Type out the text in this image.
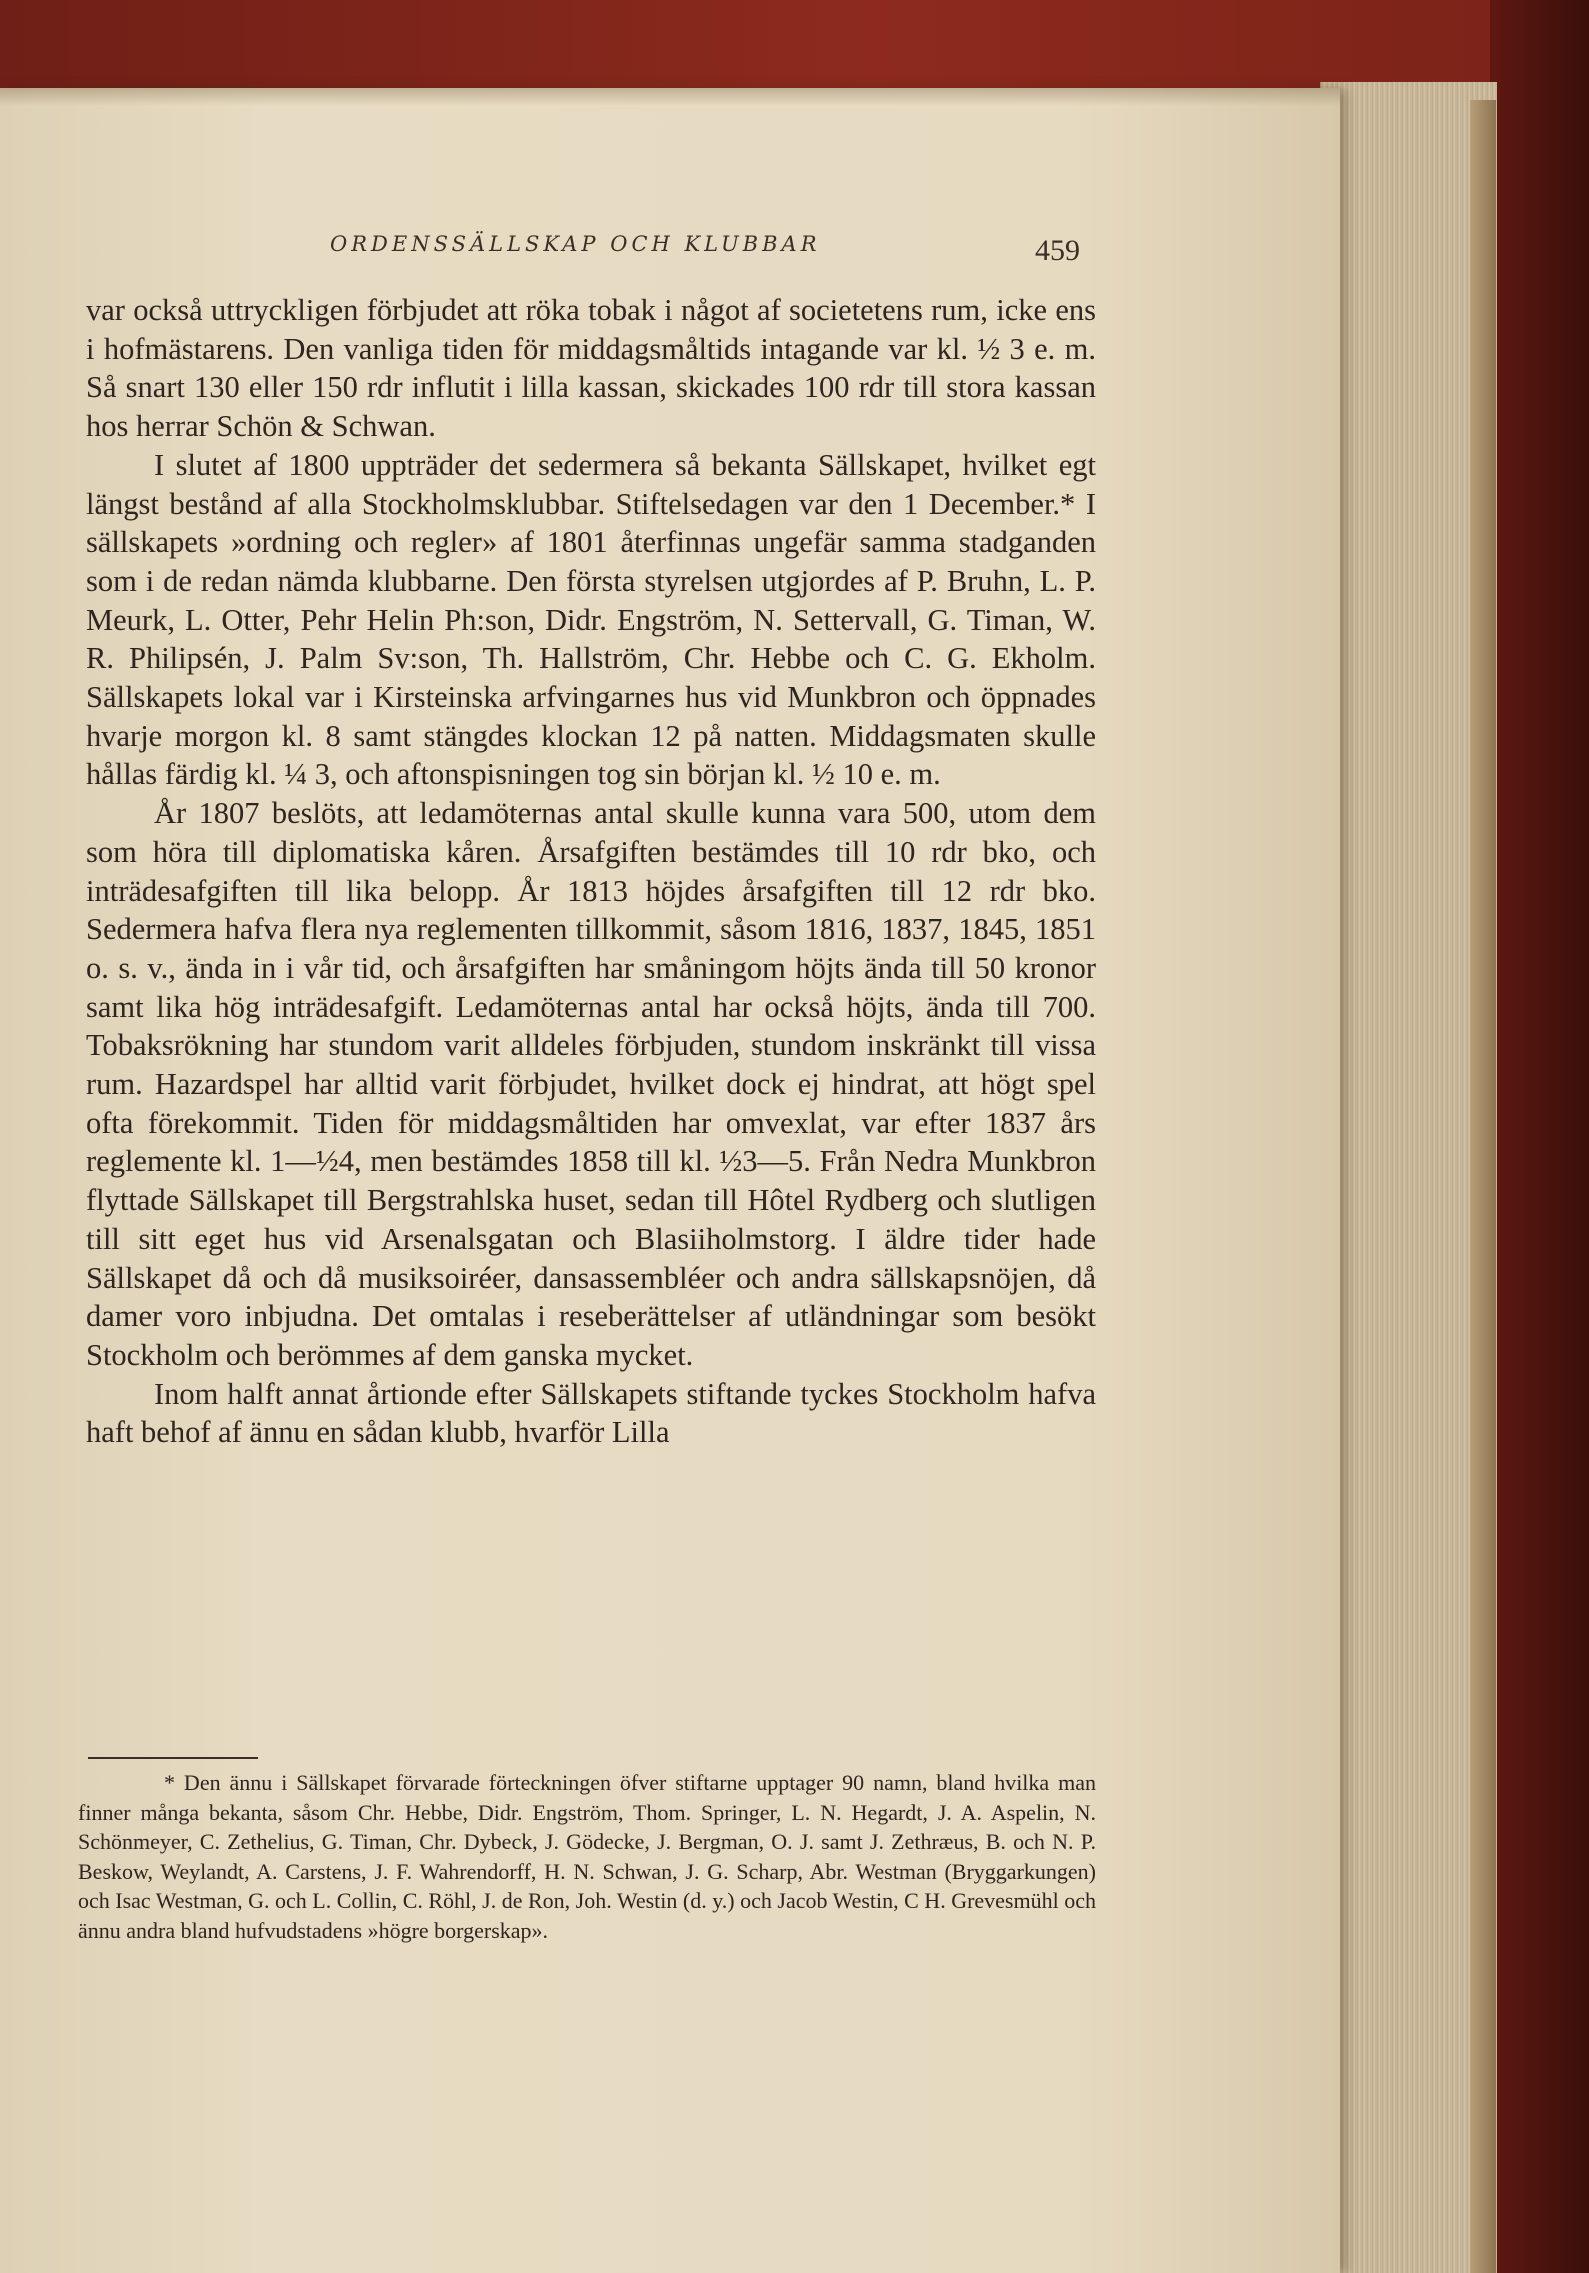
ORDENSSÄLLSKAP OCH KLUBBAR	459

var också uttryckligen förbjudet att röka tobak i något af societetens rum, icke ens i hofmästarens. Den vanliga tiden för middagsmåltids intagande var kl. ½ 3 e. m. Så snart 130 eller 150 rdr influtit i lilla kassan, skickades 100 rdr till stora kassan hos herrar Schön & Schwan.

I slutet af 1800 uppträder det sedermera så bekanta Sällskapet, hvilket egt längst bestånd af alla Stockholmsklubbar. Stiftelsedagen var den 1 December.* I sällskapets »ordning och regler» af 1801 återfinnas ungefär samma stadganden som i de redan nämda klubbarne. Den första styrelsen utgjordes af P. Bruhn, L. P. Meurk, L. Otter, Pehr Helin Ph:son, Didr. Engström, N. Settervall, G. Timan, W. R. Philipsén, J. Palm Sv:son, Th. Hallström, Chr. Hebbe och C. G. Ekholm. Sällskapets lokal var i Kirsteinska arfvingarnes hus vid Munkbron och öppnades hvarje morgon kl. 8 samt stängdes klockan 12 på natten. Middagsmaten skulle hållas färdig kl. ¼ 3, och aftonspisningen tog sin början kl. ½ 10 e. m.

År 1807 beslöts, att ledamöternas antal skulle kunna vara 500, utom dem som höra till diplomatiska kåren. Årsafgiften bestämdes till 10 rdr bko, och inträdesafgiften till lika belopp. År 1813 höjdes årsafgiften till 12 rdr bko. Sedermera hafva flera nya reglementen tillkommit, såsom 1816, 1837, 1845, 1851 o. s. v., ända in i vår tid, och årsafgiften har småningom höjts ända till 50 kronor samt lika hög inträdesafgift. Ledamöternas antal har också höjts, ända till 700. Tobaksrökning har stundom varit alldeles förbjuden, stundom inskränkt till vissa rum. Hazardspel har alltid varit förbjudet, hvilket dock ej hindrat, att högt spel ofta förekommit. Tiden för middagsmåltiden har omvexlat, var efter 1837 års reglemente kl. 1—½4, men bestämdes 1858 till kl. ½3—5. Från Nedra Munkbron flyttade Sällskapet till Bergstrahlska huset, sedan till Hôtel Rydberg och slutligen till sitt eget hus vid Arsenalsgatan och Blasiiholmstorg. I äldre tider hade Sällskapet då och då musiksoiréer, dansassembléer och andra sällskapsnöjen, då damer voro inbjudna. Det omtalas i reseberättelser af utländningar som besökt Stockholm och berömmes af dem ganska mycket.

Inom halft annat årtionde efter Sällskapets stiftande tyckes Stockholm hafva haft behof af ännu en sådan klubb, hvarför Lilla

* Den ännu i Sällskapet förvarade förteckningen öfver stiftarne upptager 90 namn, bland hvilka man finner många bekanta, såsom Chr. Hebbe, Didr. Engström, Thom. Springer, L. N. Hegardt, J. A. Aspelin, N. Schönmeyer, C. Zethelius, G. Timan, Chr. Dybeck, J. Gödecke, J. Bergman, O. J. samt J. Zethræus, B. och N. P. Beskow, Weylandt, A. Carstens, J. F. Wahrendorff, H. N. Schwan, J. G. Scharp, Abr. Westman (Bryggarkungen) och Isac Westman, G. och L. Collin, C. Röhl, J. de Ron, Joh. Westin (d. y.) och Jacob Westin, C H. Grevesmühl och ännu andra bland hufvudstadens »högre borgerskap».
